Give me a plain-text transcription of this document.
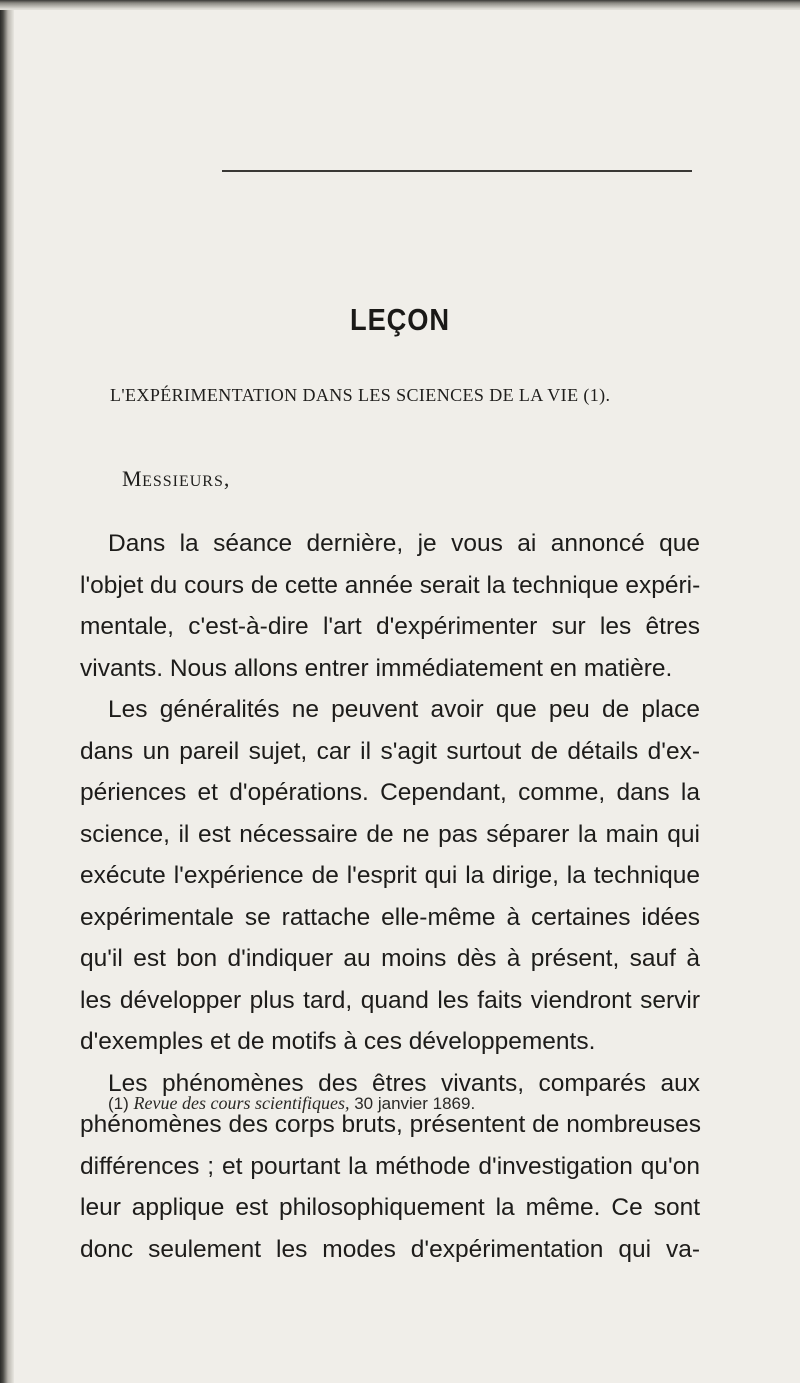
LEÇON
L'EXPÉRIMENTATION DANS LES SCIENCES DE LA VIE (1).
MESSIEURS,
Dans la séance dernière, je vous ai annoncé que
l'objet du cours de cette année serait la technique expéri-
mentale, c'est-à-dire l'art d'expérimenter sur les êtres
vivants. Nous allons entrer immédiatement en matière.
Les généralités ne peuvent avoir que peu de place
dans un pareil sujet, car il s'agit surtout de détails d'ex-
périences et d'opérations. Cependant, comme, dans la
science, il est nécessaire de ne pas séparer la main qui
exécute l'expérience de l'esprit qui la dirige, la technique
expérimentale se rattache elle-même à certaines idées
qu'il est bon d'indiquer au moins dès à présent, sauf à
les développer plus tard, quand les faits viendront servir
d'exemples et de motifs à ces développements.
Les phénomènes des êtres vivants, comparés aux
phénomènes des corps bruts, présentent de nombreuses
différences ; et pourtant la méthode d'investigation qu'on
leur applique est philosophiquement la même. Ce sont
donc seulement les modes d'expérimentation qui va-
(1) Revue des cours scientifiques, 30 janvier 1869.
